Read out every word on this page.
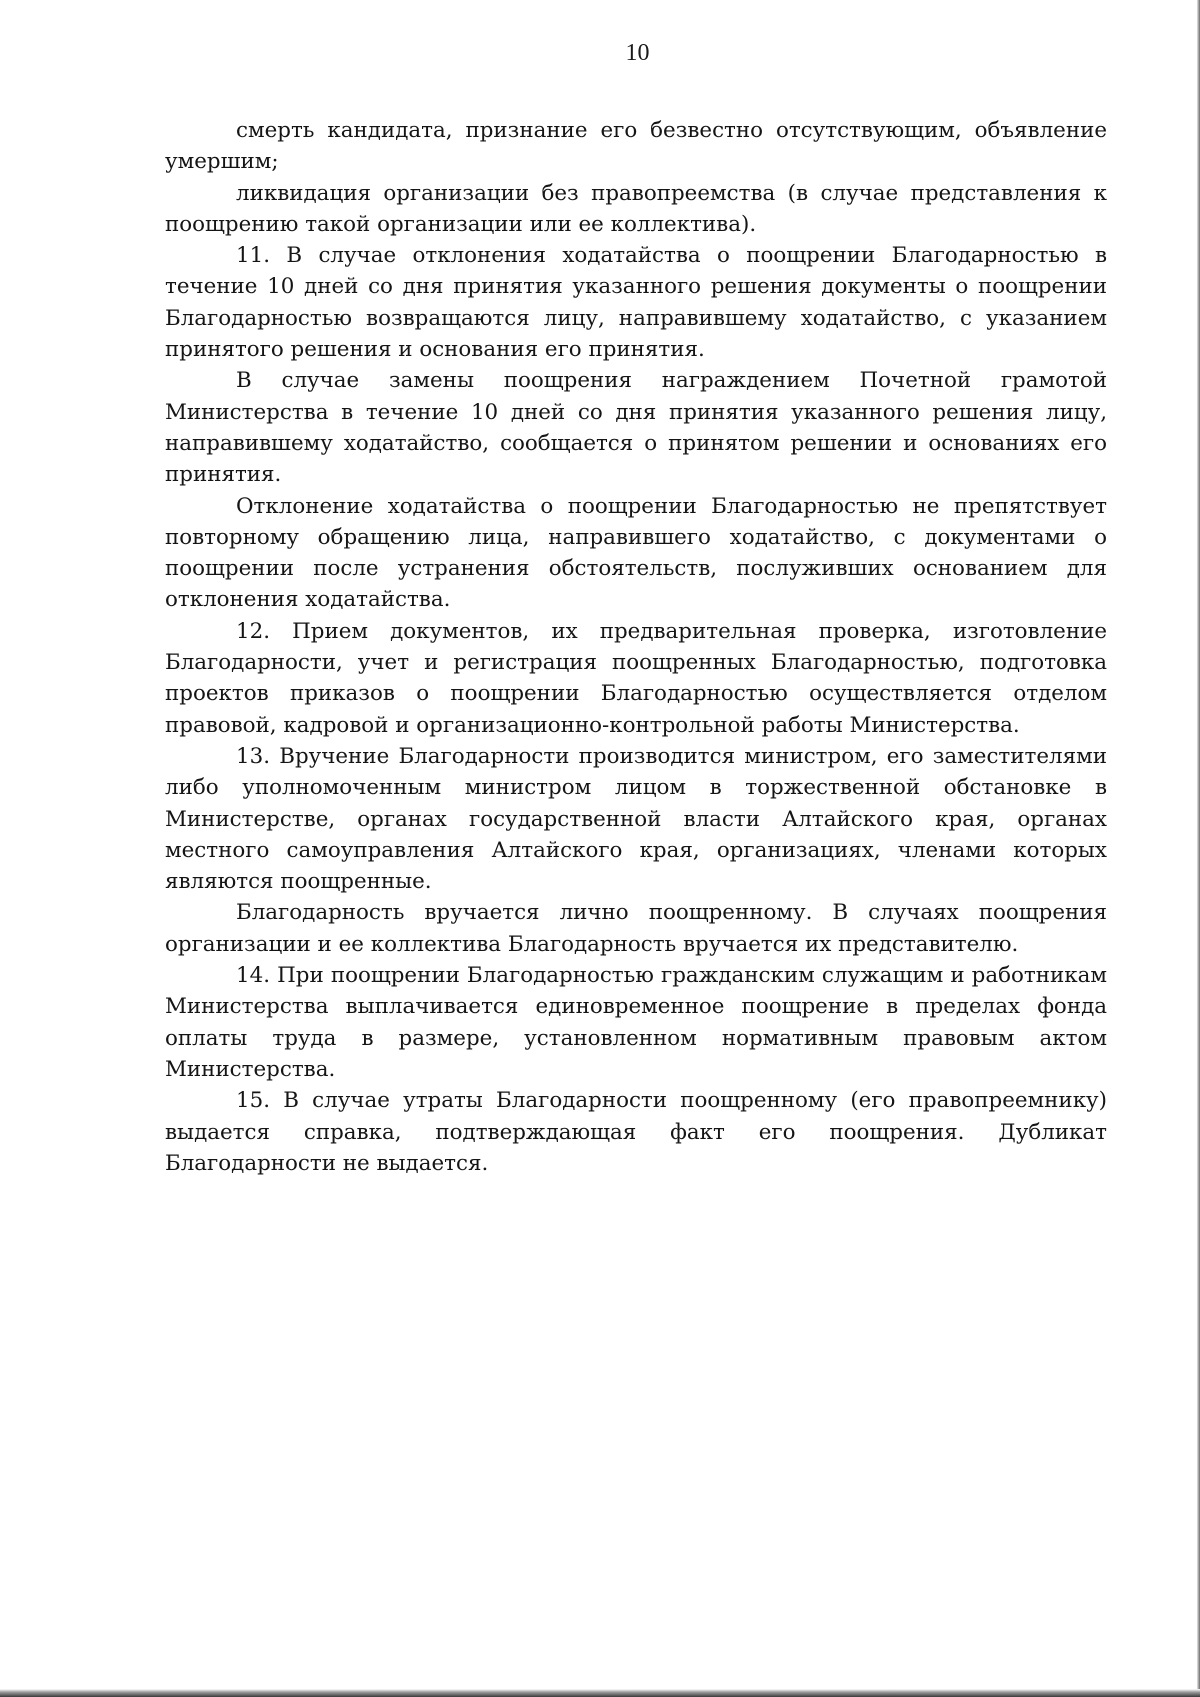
10

смерть кандидата, признание его безвестно отсутствующим, объявление умершим;

ликвидация организации без правопреемства (в случае представления к поощрению такой организации или ее коллектива).

11. В случае отклонения ходатайства о поощрении Благодарностью в течение 10 дней со дня принятия указанного решения документы о поощрении Благодарностью возвращаются лицу, направившему ходатайство, с указанием принятого решения и основания его принятия.

В случае замены поощрения награждением Почетной грамотой Министерства в течение 10 дней со дня принятия указанного решения лицу, направившему ходатайство, сообщается о принятом решении и основаниях его принятия.

Отклонение ходатайства о поощрении Благодарностью не препятствует повторному обращению лица, направившего ходатайство, с документами о поощрении после устранения обстоятельств, послуживших основанием для отклонения ходатайства.

12. Прием документов, их предварительная проверка, изготовление Благодарности, учет и регистрация поощренных Благодарностью, подготовка проектов приказов о поощрении Благодарностью осуществляется отделом правовой, кадровой и организационно-контрольной работы Министерства.

13. Вручение Благодарности производится министром, его заместителями либо уполномоченным министром лицом в торжественной обстановке в Министерстве, органах государственной власти Алтайского края, органах местного самоуправления Алтайского края, организациях, членами которых являются поощренные.

Благодарность вручается лично поощренному. В случаях поощрения организации и ее коллектива Благодарность вручается их представителю.

14. При поощрении Благодарностью гражданским служащим и работникам Министерства выплачивается единовременное поощрение в пределах фонда оплаты труда в размере, установленном нормативным правовым актом Министерства.

15. В случае утраты Благодарности поощренному (его правопреемнику) выдается справка, подтверждающая факт его поощрения. Дубликат Благодарности не выдается.
